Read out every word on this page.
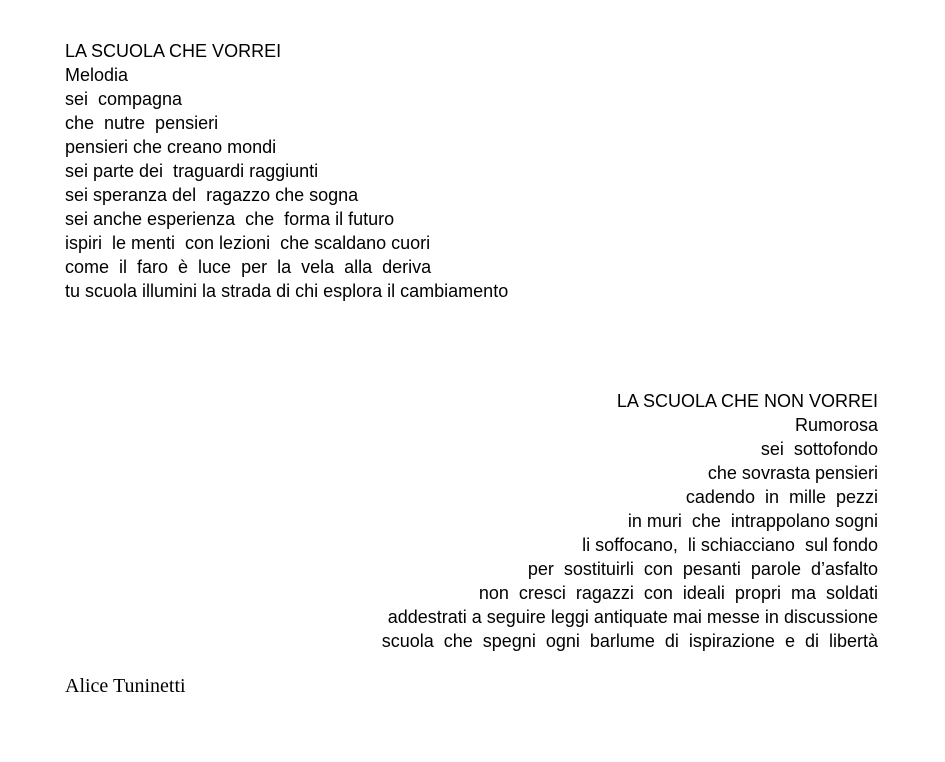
LA SCUOLA CHE VORREI
Melodia
sei  compagna
che  nutre  pensieri
pensieri che creano mondi
sei parte dei  traguardi raggiunti
sei speranza del  ragazzo che sogna
sei anche esperienza  che  forma il futuro
ispiri  le menti  con lezioni  che scaldano cuori
come  il  faro  è  luce  per  la  vela  alla  deriva
tu scuola illumini la strada di chi esplora il cambiamento
LA SCUOLA CHE NON VORREI
Rumorosa
sei  sottofondo
che sovrasta pensieri
cadendo  in  mille  pezzi
in muri  che  intrappolano sogni
li soffocano,  li schiacciano  sul fondo
per  sostituirli  con  pesanti  parole  d’asfalto
non  cresci  ragazzi  con  ideali  propri  ma  soldati
addestrati a seguire leggi antiquate mai messe in discussione
scuola  che  spegni  ogni  barlume  di  ispirazione  e  di  libertà
Alice Tuninetti
